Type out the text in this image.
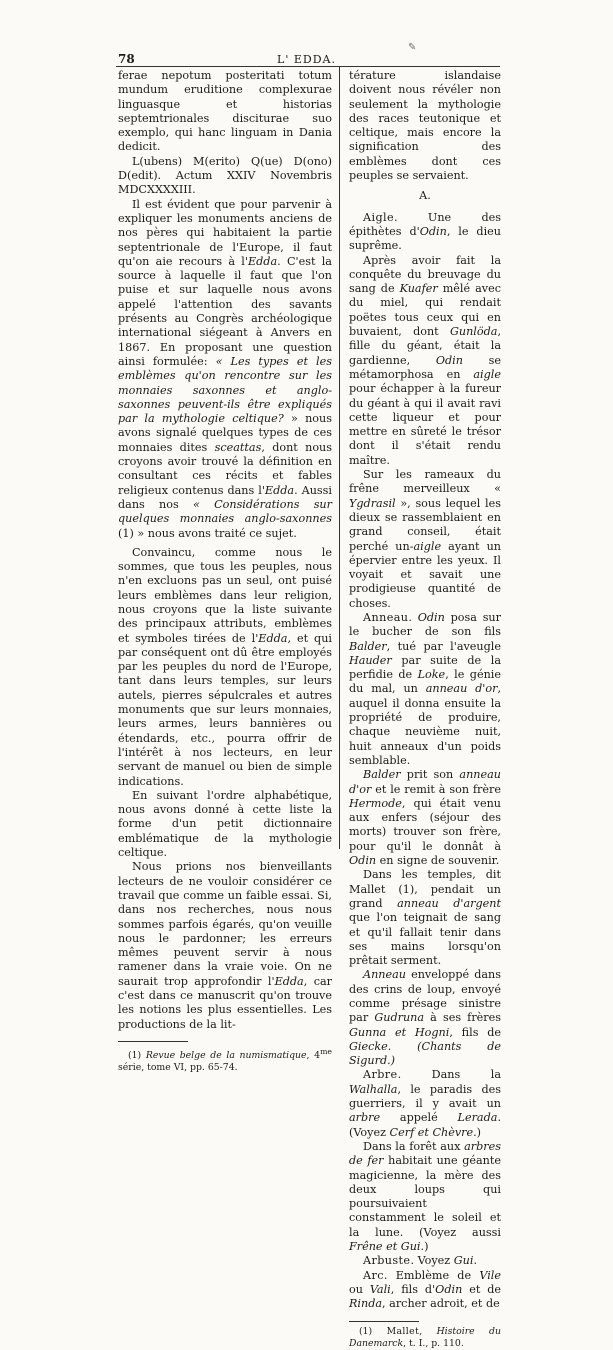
78	L' EDDA.
✎

ferae nepotum posteritati totum mundum eruditione complexurae linguasque et historias septemtrionales disciturae suo exemplo, qui hanc linguam in Dania dedicit.

L(ubens) M(erito) Q(ue) D(ono) D(edit). Actum XXIV Novembris MDCXXXXIII.

Il est évident que pour parvenir à expliquer les monuments anciens de nos pères qui habitaient la partie septentrionale de l'Europe, il faut qu'on aie recours à l'Edda. C'est la source à laquelle il faut que l'on puise et sur laquelle nous avons appelé l'attention des savants présents au Congrès archéologique international siégeant à Anvers en 1867. En proposant une question ainsi formulée: « Les types et les emblèmes qu'on rencontre sur les monnaies saxonnes et anglo-saxonnes peuvent-ils être expliqués par la mythologie celtique? » nous avons signalé quelques types de ces monnaies dites sceattas, dont nous croyons avoir trouvé la définition en consultant ces récits et fables religieux contenus dans l'Edda. Aussi dans nos « Considérations sur quelques monnaies anglo-saxonnes (1) » nous avons traité ce sujet.

Convaincu, comme nous le sommes, que tous les peuples, nous n'en excluons pas un seul, ont puisé leurs emblèmes dans leur religion, nous croyons que la liste suivante des principaux attributs, emblèmes et symboles tirées de l'Edda, et qui par conséquent ont dû être employés par les peuples du nord de l'Europe, tant dans leurs temples, sur leurs autels, pierres sépulcrales et autres monuments que sur leurs monnaies, leurs armes, leurs bannières ou étendards, etc., pourra offrir de l'intérêt à nos lecteurs, en leur servant de manuel ou bien de simple indications.

En suivant l'ordre alphabétique, nous avons donné à cette liste la forme d'un petit dictionnaire emblématique de la mythologie celtique.

Nous prions nos bienveillants lecteurs de ne vouloir considérer ce travail que comme un faible essai. Si, dans nos recherches, nous nous sommes parfois égarés, qu'on veuille nous le pardonner; les erreurs mêmes peuvent servir à nous ramener dans la vraie voie. On ne saurait trop approfondir l'Edda, car c'est dans ce manuscrit qu'on trouve les notions les plus essentielles. Les productions de la lit-

(1) Revue belge de la numismatique, $4^{me}$ série, tome VI, pp. 65-74.

térature islandaise doivent nous révéler non seulement la mythologie des races teutonique et celtique, mais encore la signification des emblèmes dont ces peuples se servaient.

A.

Aigle. Une des épithètes d'Odin, le dieu suprême.

Après avoir fait la conquête du breuvage du sang de Kuafer mêlé avec du miel, qui rendait poëtes tous ceux qui en buvaient, dont Gunlöda, fille du géant, était la gardienne, Odin se métamorphosa en aigle pour échapper à la fureur du géant à qui il avait ravi cette liqueur et pour mettre en sûreté le trésor dont il s'était rendu maître.

Sur les rameaux du frêne merveilleux « Ygdrasil », sous lequel les dieux se rassemblaient en grand conseil, était perché un-aigle ayant un épervier entre les yeux. Il voyait et savait une prodigieuse quantité de choses.

Anneau. Odin posa sur le bucher de son fils Balder, tué par l'aveugle Hauder par suite de la perfidie de Loke, le génie du mal, un anneau d'or, auquel il donna ensuite la propriété de produire, chaque neuvième nuit, huit anneaux d'un poids semblable.

Balder prit son anneau d'or et le remit à son frère Hermode, qui était venu aux enfers (séjour des morts) trouver son frère, pour qu'il le donnât à Odin en signe de souvenir.

Dans les temples, dit Mallet (1), pendait un grand anneau d'argent que l'on teignait de sang et qu'il fallait tenir dans ses mains lorsqu'on prêtait serment.

Anneau enveloppé dans des crins de loup, envoyé comme présage sinistre par Gudruna à ses frères Gunna et Hogni, fils de Giecke. (Chants de Sigurd.)

Arbre. Dans la Walhalla, le paradis des guerriers, il y avait un arbre appelé Lerada. (Voyez Cerf et Chèvre.)

Dans la forêt aux arbres de fer habitait une géante magicienne, la mère des deux loups qui poursuivaient constamment le soleil et la lune. (Voyez aussi Frêne et Gui.)

Arbuste. Voyez Gui.

Arc. Emblème de Vile ou Vali, fils d'Odin et de Rinda, archer adroit, et de

(1) Mallet, Histoire du Danemarck, t. I., p. 110.
